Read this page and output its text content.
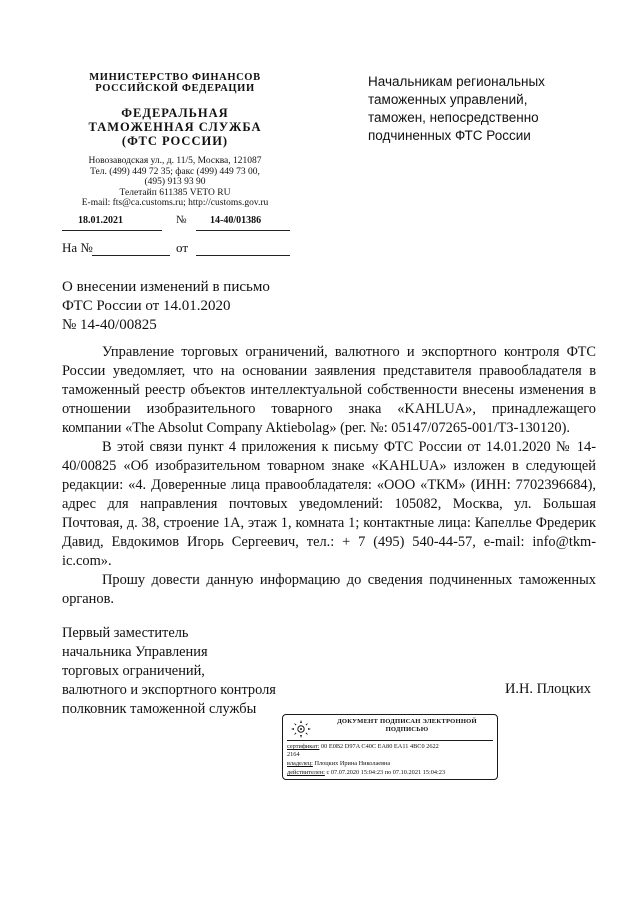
МИНИСТЕРСТВО ФИНАНСОВ
РОССИЙСКОЙ ФЕДЕРАЦИИ
ФЕДЕРАЛЬНАЯ
ТАМОЖЕННАЯ СЛУЖБА
(ФТС РОССИИ)
Новозаводская ул., д. 11/5, Москва, 121087
Тел. (499) 449 72 35; факс (499) 449 73 00,
(495) 913 93 90
Телетайп 611385 VETO RU
E-mail: fts@ca.customs.ru; http://customs.gov.ru
18.01.2021	№ 14-40/01386
На №	от
Начальникам региональных
таможенных управлений,
таможен, непосредственно
подчиненных ФТС России
О внесении изменений в письмо
ФТС России от 14.01.2020
№ 14-40/00825

Управление торговых ограничений, валютного и экспортного контроля ФТС России уведомляет, что на основании заявления представителя правообладателя в таможенный реестр объектов интеллектуальной собственности внесены изменения в отношении изобразительного товарного знака «KAHLUA», принадлежащего компании «The Absolut Company Aktiebolag» (рег. №: 05147/07265-001/ТЗ-130120).

В этой связи пункт 4 приложения к письму ФТС России от 14.01.2020 № 14-40/00825 «Об изобразительном товарном знаке «KAHLUA» изложен в следующей редакции: «4. Доверенные лица правообладателя: «ООО «ТКМ» (ИНН: 7702396684), адрес для направления почтовых уведомлений: 105082, Москва, ул. Большая Почтовая, д. 38, строение 1А, этаж 1, комната 1; контактные лица: Капеллье Фредерик Давид, Евдокимов Игорь Сергеевич, тел.: + 7 (495) 540-44-57, e-mail: info@tkm-ic.com».

Прошу довести данную информацию до сведения подчиненных таможенных органов.

Первый заместитель
начальника Управления
торговых ограничений,
валютного и экспортного контроля
полковник таможенной службы
И.Н. Плоцких
ДОКУМЕНТ ПОДПИСАН ЭЛЕКТРОННОЙ
ПОДПИСЬЮ
сертификат: 00 E0B2 D97A C40C EA80 EA11 4BC0 2622
2164
владелец: Плоцких Ирина Николаевна
действителен: с 07.07.2020 15:04:23 по 07.10.2021 15:04:23
